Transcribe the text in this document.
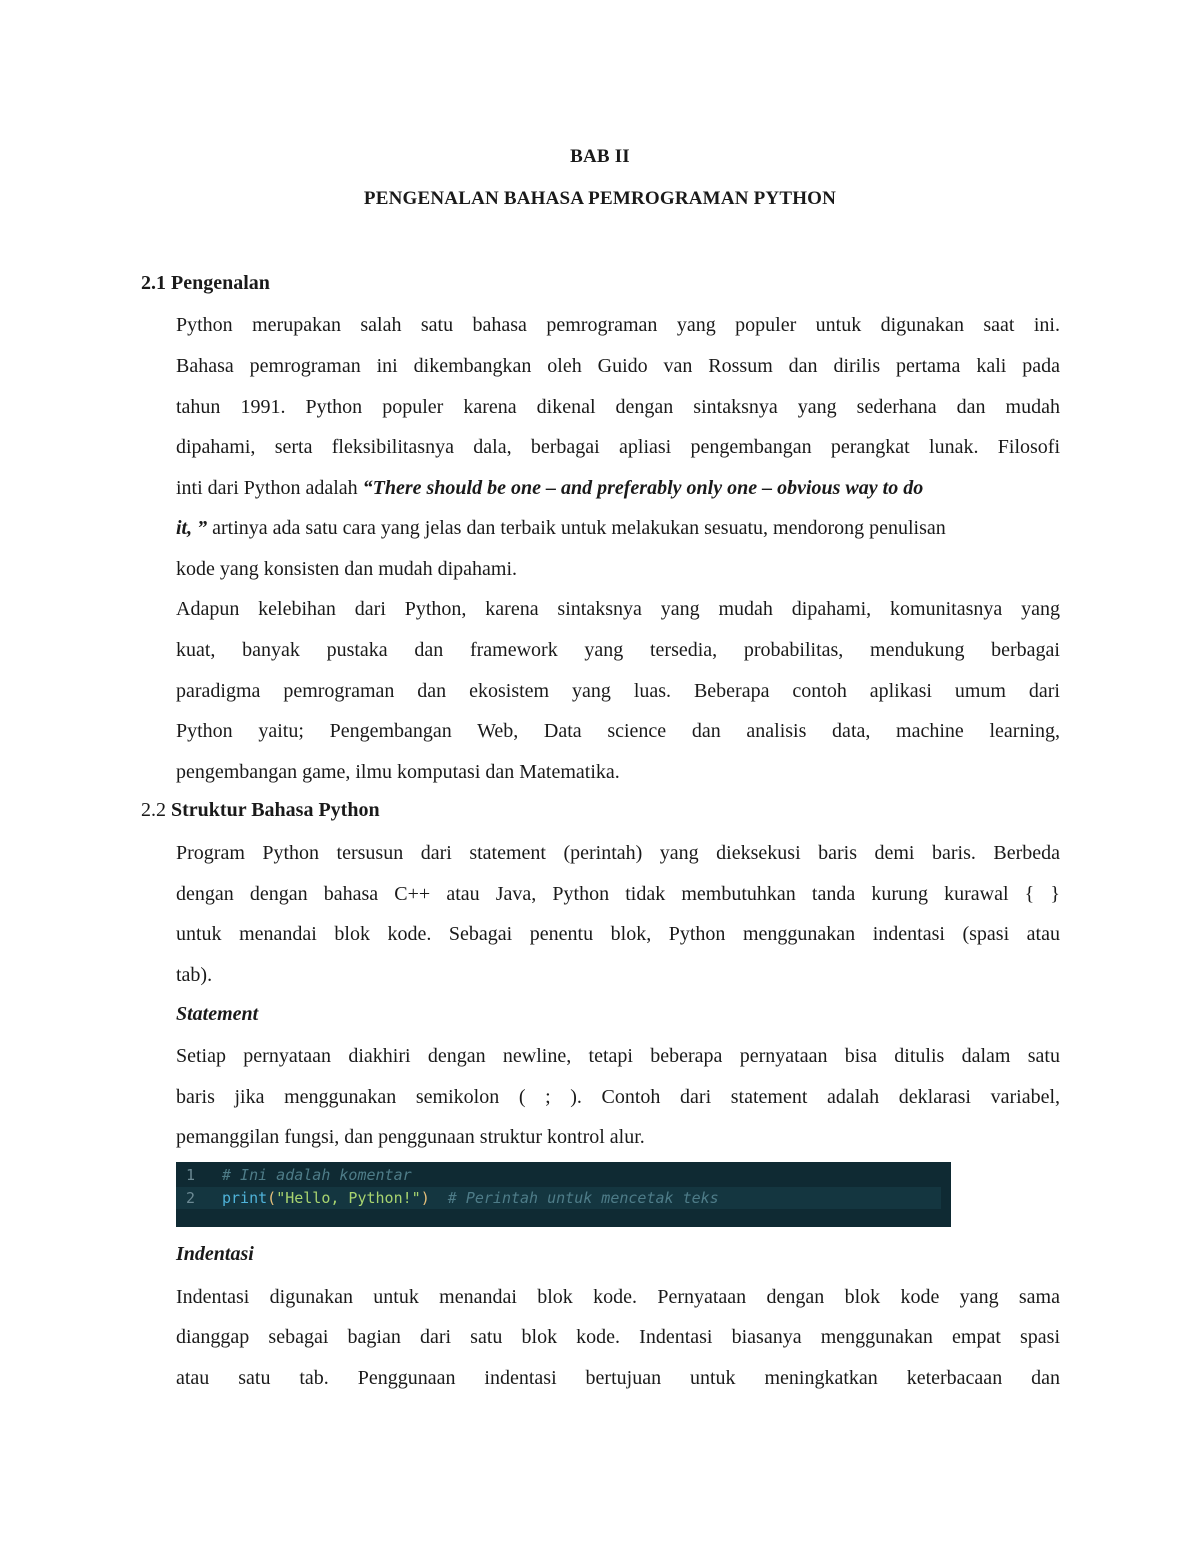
BAB II
PENGENALAN BAHASA PEMROGRAMAN PYTHON
2.1 Pengenalan
Python merupakan salah satu bahasa pemrograman yang populer untuk digunakan saat ini.
Bahasa pemrograman ini dikembangkan oleh Guido van Rossum dan dirilis pertama kali pada
tahun 1991. Python populer karena dikenal dengan sintaksnya yang sederhana dan mudah
dipahami, serta fleksibilitasnya dala, berbagai apliasi pengembangan perangkat lunak. Filosofi
inti dari Python adalah “There should be one – and preferably only one – obvious way to do
it, ” artinya ada satu cara yang jelas dan terbaik untuk melakukan sesuatu, mendorong penulisan
kode yang konsisten dan mudah dipahami.
Adapun kelebihan dari Python, karena sintaksnya yang mudah dipahami, komunitasnya yang
kuat, banyak pustaka dan framework yang tersedia, probabilitas, mendukung berbagai
paradigma pemrograman dan ekosistem yang luas. Beberapa contoh aplikasi umum dari
Python yaitu; Pengembangan Web, Data science dan analisis data, machine learning,
pengembangan game, ilmu komputasi dan Matematika.
2.2 Struktur Bahasa Python
Program Python tersusun dari statement (perintah) yang dieksekusi baris demi baris. Berbeda
dengan dengan bahasa C++ atau Java, Python tidak membutuhkan tanda kurung kurawal { }
untuk menandai blok kode. Sebagai penentu blok, Python menggunakan indentasi (spasi atau
tab).
Statement
Setiap pernyataan diakhiri dengan newline, tetapi beberapa pernyataan bisa ditulis dalam satu
baris jika menggunakan semikolon ( ; ). Contoh dari statement adalah deklarasi variabel,
pemanggilan fungsi, dan penggunaan struktur kontrol alur.
1 # Ini adalah komentar
2 print("Hello, Python!") # Perintah untuk mencetak teks
Indentasi
Indentasi digunakan untuk menandai blok kode. Pernyataan dengan blok kode yang sama
dianggap sebagai bagian dari satu blok kode. Indentasi biasanya menggunakan empat spasi
atau satu tab. Penggunaan indentasi bertujuan untuk meningkatkan keterbacaan dan
